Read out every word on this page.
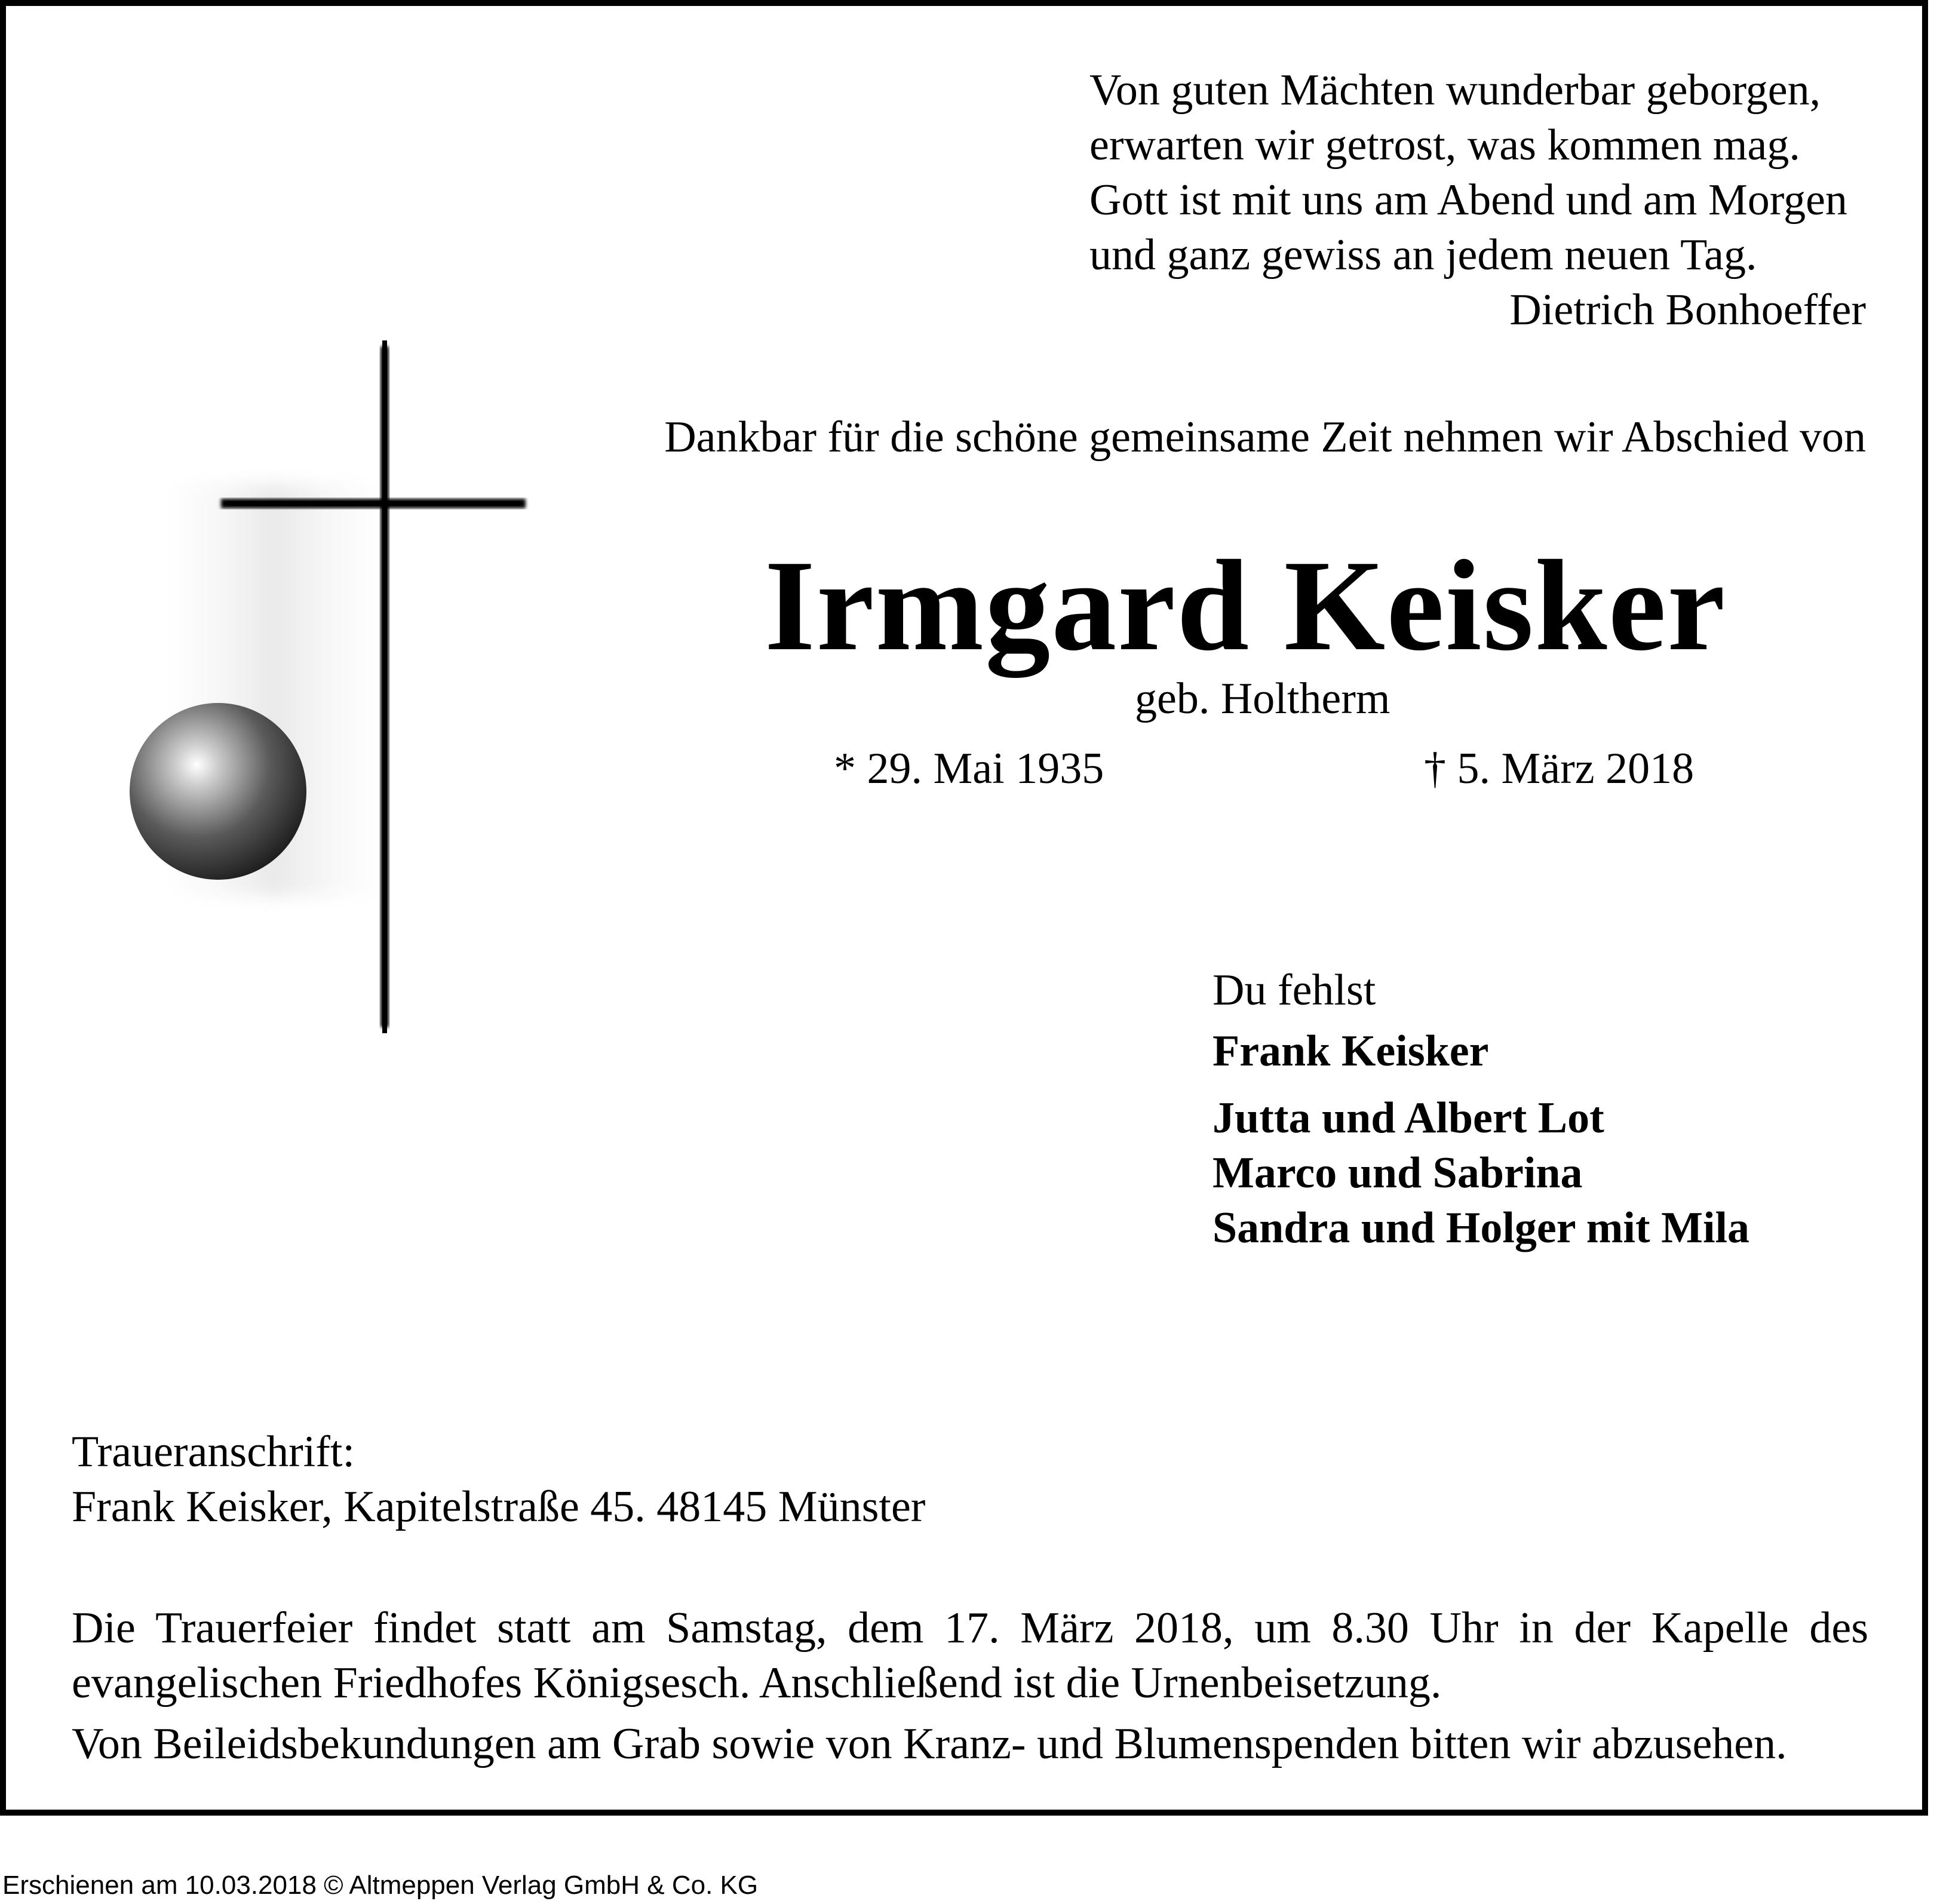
Von guten Mächten wunderbar geborgen,
erwarten wir getrost, was kommen mag.
Gott ist mit uns am Abend und am Morgen
und ganz gewiss an jedem neuen Tag.
Dietrich Bonhoeffer
Dankbar für die schöne gemeinsame Zeit nehmen wir Abschied von
Irmgard Keisker
geb. Holtherm
* 29. Mai 1935	† 5. März 2018
Du fehlst
Frank Keisker
Jutta und Albert Lot
Marco und Sabrina
Sandra und Holger mit Mila
Traueranschrift:
Frank Keisker, Kapitelstraße 45. 48145 Münster

Die Trauerfeier findet statt am Samstag, dem 17. März 2018, um 8.30 Uhr in der Kapelle des evangelischen Friedhofes Königsesch. Anschließend ist die Urnenbeisetzung.

Von Beileidsbekundungen am Grab sowie von Kranz- und Blumenspenden bitten wir abzusehen.

Erschienen am 10.03.2018 © Altmeppen Verlag GmbH & Co. KG
